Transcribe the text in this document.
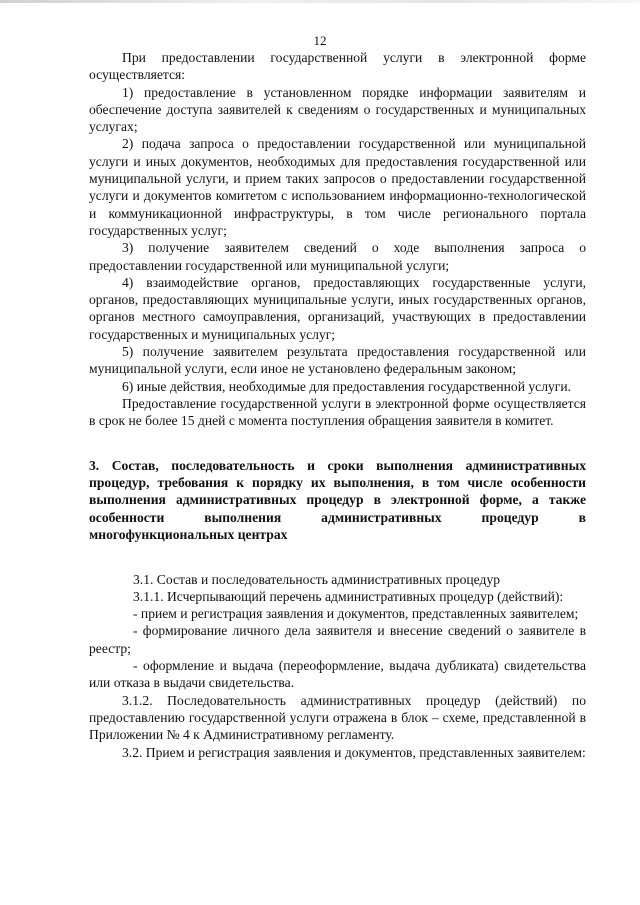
12

При предоставлении государственной услуги в электронной форме осуществляется:

1) предоставление в установленном порядке информации заявителям и обеспечение доступа заявителей к сведениям о государственных и муниципальных услугах;

2) подача запроса о предоставлении государственной или муниципальной услуги и иных документов, необходимых для предоставления государственной или муниципальной услуги, и прием таких запросов о предоставлении государственной услуги и документов комитетом с использованием информационно-технологической и коммуникационной инфраструктуры, в том числе регионального портала государственных услуг;

3) получение заявителем сведений о ходе выполнения запроса о предоставлении государственной или муниципальной услуги;

4) взаимодействие органов, предоставляющих государственные услуги, органов, предоставляющих муниципальные услуги, иных государственных органов, органов местного самоуправления, организаций, участвующих в предоставлении государственных и муниципальных услуг;

5) получение заявителем результата предоставления государственной или муниципальной услуги, если иное не установлено федеральным законом;

6) иные действия, необходимые для предоставления государственной услуги.

Предоставление государственной услуги в электронной форме осуществляется в срок не более 15 дней с момента поступления обращения заявителя в комитет.

3. Состав, последовательность и сроки выполнения административных процедур, требования к порядку их выполнения, в том числе особенности выполнения административных процедур в электронной форме, а также особенности выполнения административных процедур в многофункциональных центрах

3.1. Состав и последовательность административных процедур

3.1.1. Исчерпывающий перечень административных процедур (действий):

- прием и регистрация заявления и документов, представленных заявителем;

- формирование личного дела заявителя и внесение сведений о заявителе в реестр;

- оформление и выдача (переоформление, выдача дубликата) свидетельства или отказа в выдачи свидетельства.

3.1.2. Последовательность административных процедур (действий) по предоставлению государственной услуги отражена в блок – схеме, представленной в Приложении № 4 к Административному регламенту.

3.2. Прием и регистрация заявления и документов, представленных заявителем:
